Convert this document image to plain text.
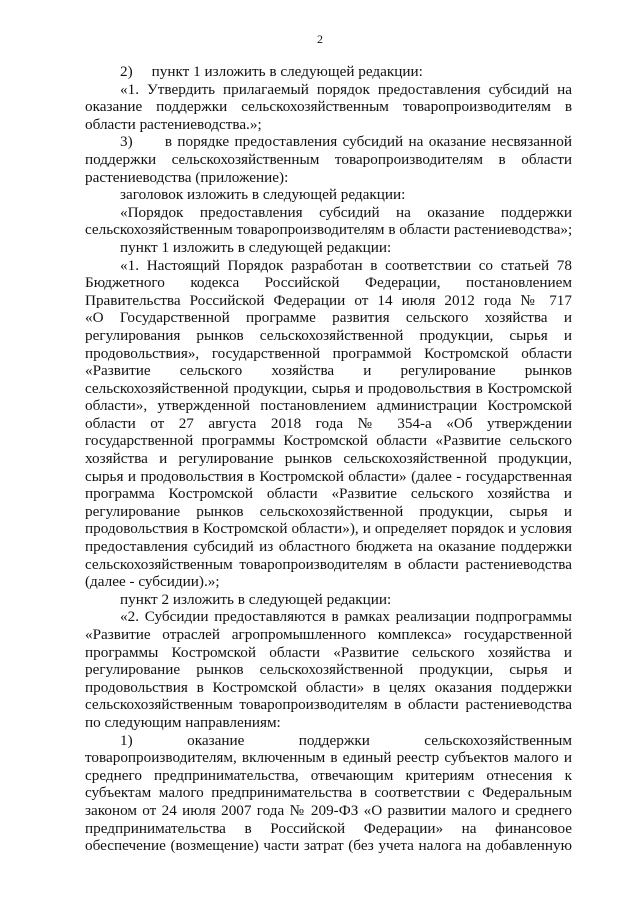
2
2)     пункт 1 изложить в следующей редакции:
«1. Утвердить прилагаемый порядок предоставления субсидий на
оказание поддержки сельскохозяйственным товаропроизводителям в
области растениеводства.»;
3)      в порядке предоставления субсидий на оказание несвязанной
поддержки сельскохозяйственным товаропроизводителям в области
растениеводства (приложение):
заголовок изложить в следующей редакции:
«Порядок предоставления субсидий на оказание поддержки
сельскохозяйственным товаропроизводителям в области растениеводства»;
пункт 1 изложить в следующей редакции:
«1. Настоящий Порядок разработан в соответствии со статьей 78
Бюджетного кодекса Российской Федерации, постановлением
Правительства Российской Федерации от 14 июля 2012 года № 717
«О Государственной программе развития сельского хозяйства и
регулирования рынков сельскохозяйственной продукции, сырья и
продовольствия», государственной программой Костромской области
«Развитие сельского хозяйства и регулирование рынков
сельскохозяйственной продукции, сырья и продовольствия в Костромской
области», утвержденной постановлением администрации Костромской
области от 27 августа 2018 года № 354-а «Об утверждении
государственной программы Костромской области «Развитие сельского
хозяйства и регулирование рынков сельскохозяйственной продукции,
сырья и продовольствия в Костромской области» (далее - государственная
программа Костромской области «Развитие сельского хозяйства и
регулирование рынков сельскохозяйственной продукции, сырья и
продовольствия в Костромской области»), и определяет порядок и условия
предоставления субсидий из областного бюджета на оказание поддержки
сельскохозяйственным товаропроизводителям в области растениеводства
(далее - субсидии).»;
пункт 2 изложить в следующей редакции:
«2. Субсидии предоставляются в рамках реализации подпрограммы
«Развитие отраслей агропромышленного комплекса» государственной
программы Костромской области «Развитие сельского хозяйства и
регулирование рынков сельскохозяйственной продукции, сырья и
продовольствия в Костромской области» в целях оказания поддержки
сельскохозяйственным товаропроизводителям в области растениеводства
по следующим направлениям:
1) оказание поддержки сельскохозяйственным
товаропроизводителям, включенным в единый реестр субъектов малого и
среднего предпринимательства, отвечающим критериям отнесения к
субъектам малого предпринимательства в соответствии с Федеральным
законом от 24 июля 2007 года № 209-ФЗ «О развитии малого и среднего
предпринимательства в Российской Федерации» на финансовое
обеспечение (возмещение) части затрат (без учета налога на добавленную
